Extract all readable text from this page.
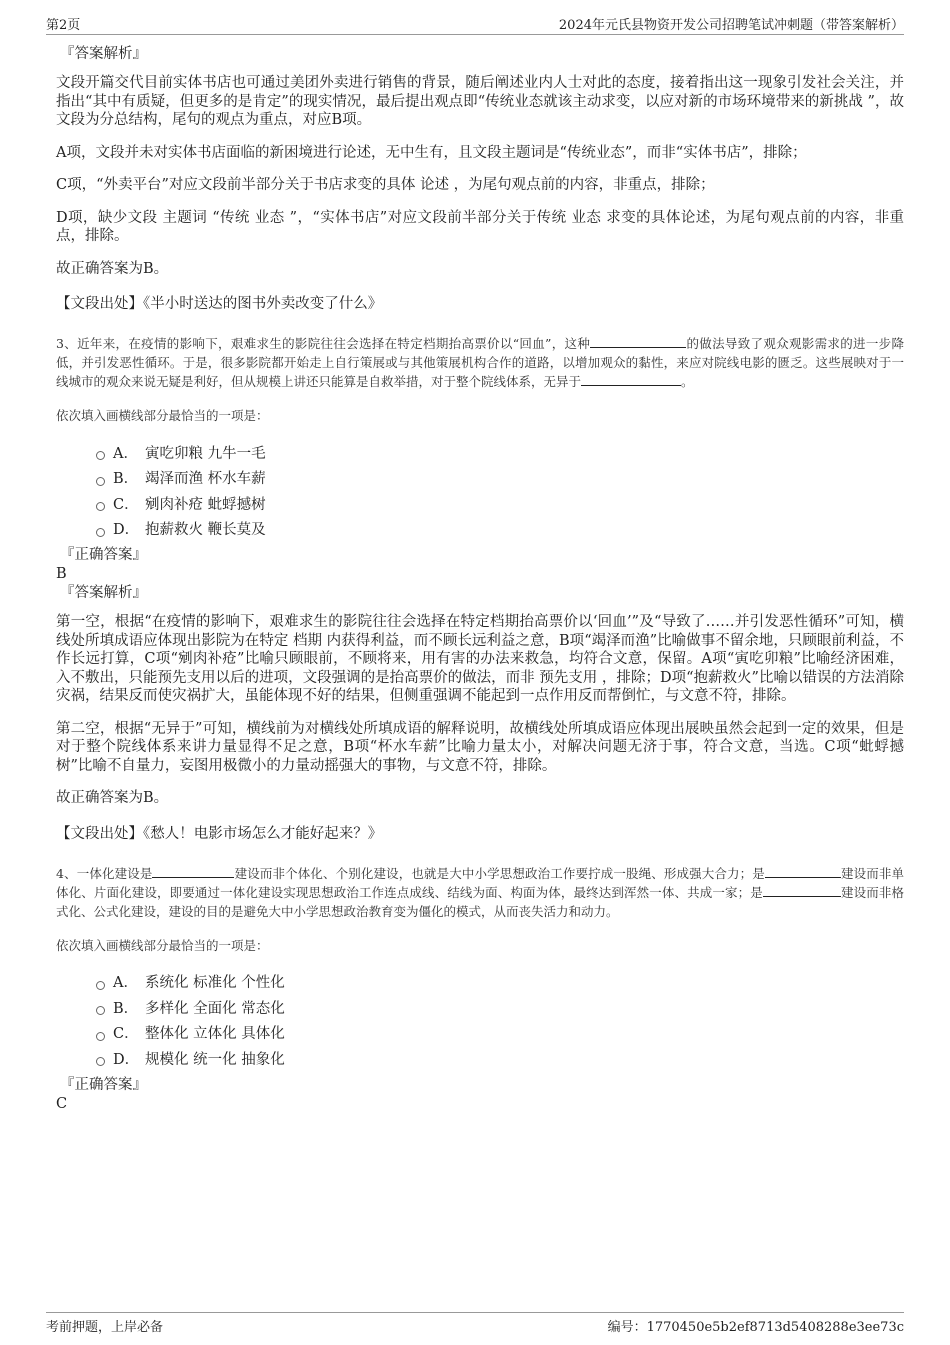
第2页	2024年元氏县物资开发公司招聘笔试冲刺题（带答案解析）
『答案解析』

文段开篇交代目前实体书店也可通过美团外卖进行销售的背景，随后阐述业内人士对此的态度，接着指出这一现象引发社会关注，并指出“其中有质疑，但更多的是肯定”的现实情况，最后提出观点即“传统业态就该主动求变，以应对新的市场环境带来的新挑战 ”，故文段为分总结构，尾句的观点为重点，对应B项。

A项，文段并未对实体书店面临的新困境进行论述，无中生有，且文段主题词是“传统业态”，而非“实体书店”，排除；

C项，“外卖平台”对应文段前半部分关于书店求变的具体 论述 ，为尾句观点前的内容，非重点，排除；

D项，缺少文段 主题词 “传统 业态 ”，“实体书店”对应文段前半部分关于传统 业态 求变的具体论述，为尾句观点前的内容，非重点，排除。

故正确答案为B。

【文段出处】《半小时送达的图书外卖改变了什么》
3、近年来，在疫情的影响下，艰难求生的影院往往会选择在特定档期抬高票价以“回血”，这种	的做法导致了观众观影需求的进一步降低，并引发恶性循环。于是，很多影院都开始走上自行策展或与其他策展机构合作的道路，以增加观众的黏性，来应对院线电影的匮乏。这些展映对于一线城市的观众来说无疑是利好，但从规模上讲还只能算是自救举措，对于整个院线体系，无异于	。
依次填入画横线部分最恰当的一项是：
A． 寅吃卯粮 九牛一毛
B． 竭泽而渔 杯水车薪
C． 剜肉补疮 蚍蜉撼树
D． 抱薪救火 鞭长莫及
『正确答案』
B
『答案解析』

第一空，根据“在疫情的影响下，艰难求生的影院往往会选择在特定档期抬高票价以‘回血’”及“导致了……并引发恶性循环”可知，横线处所填成语应体现出影院为在特定 档期 内获得利益，而不顾长远利益之意，B项“竭泽而渔”比喻做事不留余地，只顾眼前利益，不作长远打算，C项“剜肉补疮”比喻只顾眼前，不顾将来，用有害的办法来救急，均符合文意，保留。A项“寅吃卯粮”比喻经济困难，入不敷出，只能预先支用以后的进项，文段强调的是抬高票价的做法，而非 预先支用 ，排除；D项“抱薪救火”比喻以错误的方法消除灾祸，结果反而使灾祸扩大，虽能体现不好的结果，但侧重强调不能起到一点作用反而帮倒忙，与文意不符，排除。

第二空，根据“无异于”可知，横线前为对横线处所填成语的解释说明，故横线处所填成语应体现出展映虽然会起到一定的效果，但是对于整个院线体系来讲力量显得不足之意，B项“杯水车薪”比喻力量太小，对解决问题无济于事，符合文意，当选。C项“蚍蜉撼树”比喻不自量力，妄图用极微小的力量动摇强大的事物，与文意不符，排除。

故正确答案为B。

【文段出处】《愁人！电影市场怎么才能好起来？》
4、一体化建设是	建设而非个体化、个别化建设，也就是大中小学思想政治工作要拧成一股绳、形成强大合力；是	建设而非单体化、片面化建设，即要通过一体化建设实现思想政治工作连点成线、结线为面、构面为体，最终达到浑然一体、共成一家；是	建设而非格式化、公式化建设，建设的目的是避免大中小学思想政治教育变为僵化的模式，从而丧失活力和动力。
依次填入画横线部分最恰当的一项是：
A． 系统化 标准化 个性化
B． 多样化 全面化 常态化
C． 整体化 立体化 具体化
D． 规模化 统一化 抽象化
『正确答案』
C
考前押题，上岸必备	编号：1770450e5b2ef8713d5408288e3ee73c
